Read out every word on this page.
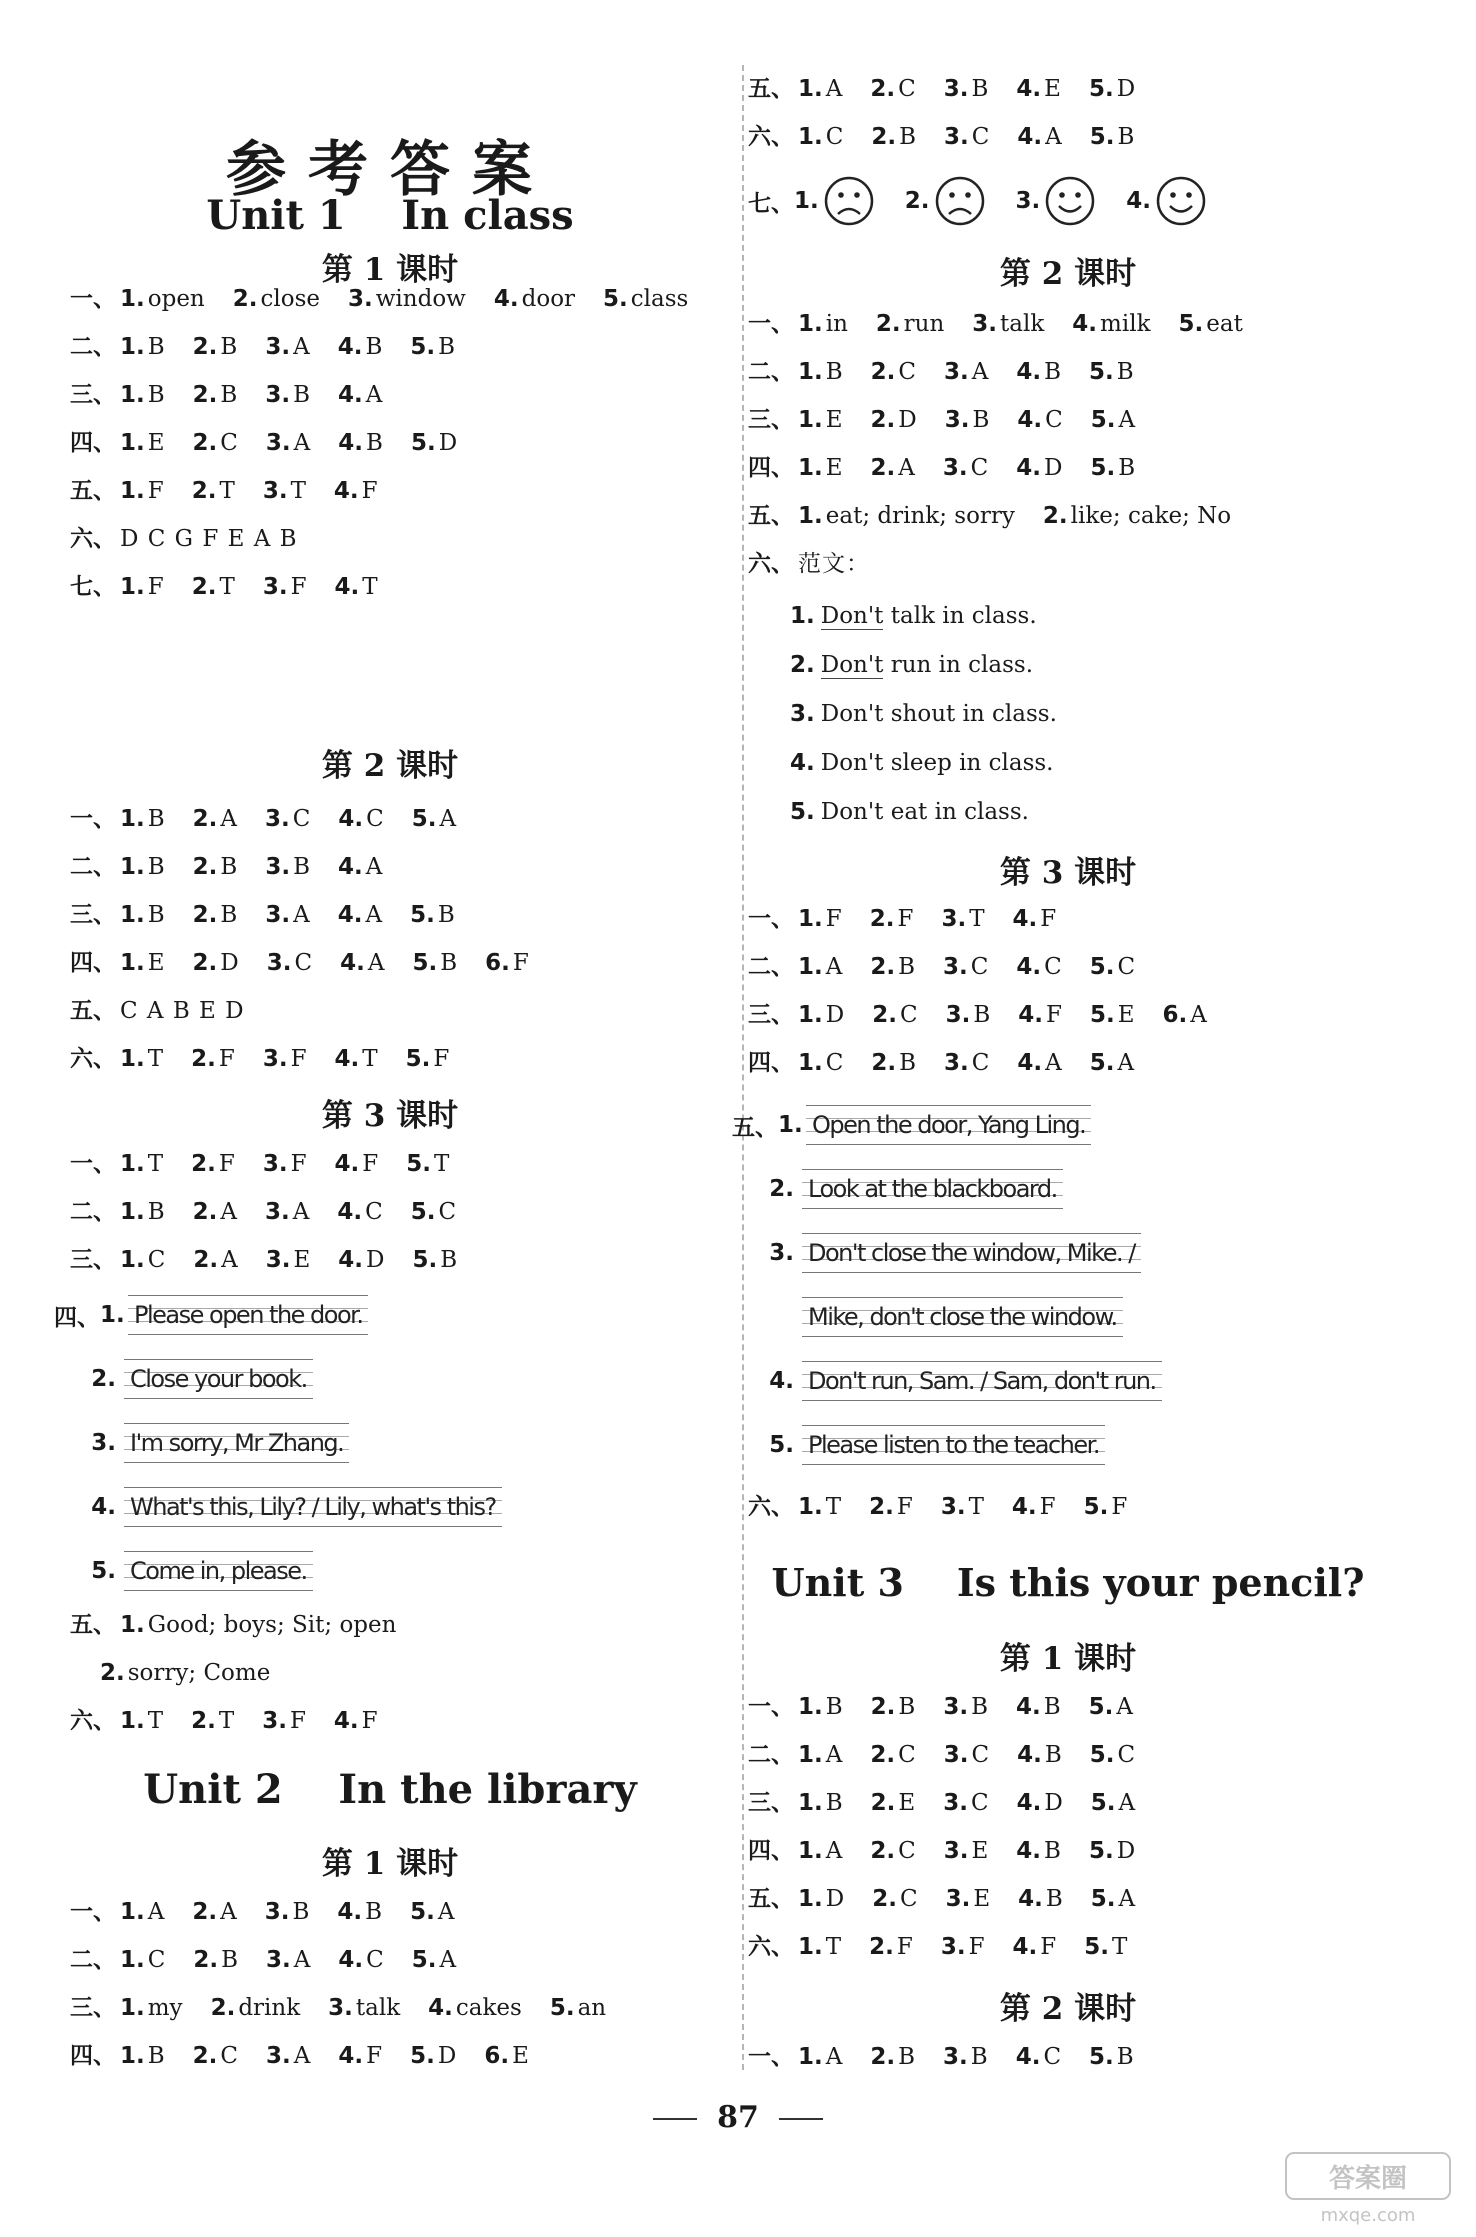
参考答案
Unit 1    In class
第 1 课时
一、 1. open 2. close 3. window 4. door 5. class
二、 1. B 2. B 3. A 4. B 5. B
三、 1. B 2. B 3. B 4. A
四、 1. E 2. C 3. A 4. B 5. D
五、 1. F 2. T 3. T 4. F
六、 D C G F E A B
七、 1. F 2. T 3. F 4. T
第 2 课时
一、 1. B 2. A 3. C 4. C 5. A
二、 1. B 2. B 3. B 4. A
三、 1. B 2. B 3. A 4. A 5. B
四、 1. E 2. D 3. C 4. A 5. B 6. F
五、 C A B E D
六、 1. T 2. F 3. F 4. T 5. F
第 3 课时
一、 1. T 2. F 3. F 4. F 5. T
二、 1. B 2. A 3. A 4. C 5. C
三、 1. C 2. A 3. E 4. D 5. B
四、 1. Please open the door.
2. Close your book.
3. I'm sorry, Mr Zhang.
4. What's this, Lily? / Lily, what's this?
5. Come in, please.
五、 1. Good; boys; Sit; open
2. sorry; Come
六、 1. T 2. T 3. F 4. F
Unit 2    In the library
第 1 课时
一、 1. A 2. A 3. B 4. B 5. A
二、 1. C 2. B 3. A 4. C 5. A
三、 1. my 2. drink 3. talk 4. cakes 5. an
四、 1. B 2. C 3. A 4. F 5. D 6. E
五、 1. A 2. C 3. B 4. E 5. D
六、 1. C 2. B 3. C 4. A 5. B
七、 1.	2.	3.	4.
第 2 课时
一、 1. in 2. run 3. talk 4. milk 5. eat
二、 1. B 2. C 3. A 4. B 5. B
三、 1. E 2. D 3. B 4. C 5. A
四、 1. E 2. A 3. C 4. D 5. B
五、 1. eat; drink; sorry 2. like; cake; No
六、 范文：
1. Don't talk in class.
2. Don't run in class.
3. Don't shout in class.
4. Don't sleep in class.
5. Don't eat in class.
第 3 课时
一、 1. F 2. F 3. T 4. F
二、 1. A 2. B 3. C 4. C 5. C
三、 1. D 2. C 3. B 4. F 5. E 6. A
四、 1. C 2. B 3. C 4. A 5. A
五、 1. Open the door, Yang Ling.
2. Look at the blackboard.
3. Don't close the window, Mike. /
Mike, don't close the window.
4. Don't run, Sam. / Sam, don't run.
5. Please listen to the teacher.
六、 1. T 2. F 3. T 4. F 5. F
Unit 3    Is this your pencil?
第 1 课时
一、 1. B 2. B 3. B 4. B 5. A
二、 1. A 2. C 3. C 4. B 5. C
三、 1. B 2. E 3. C 4. D 5. A
四、 1. A 2. C 3. E 4. B 5. D
五、 1. D 2. C 3. E 4. B 5. A
六、 1. T 2. F 3. F 4. F 5. T
第 2 课时
一、 1. A 2. B 3. B 4. C 5. B
87
答案圈
mxqe.com
